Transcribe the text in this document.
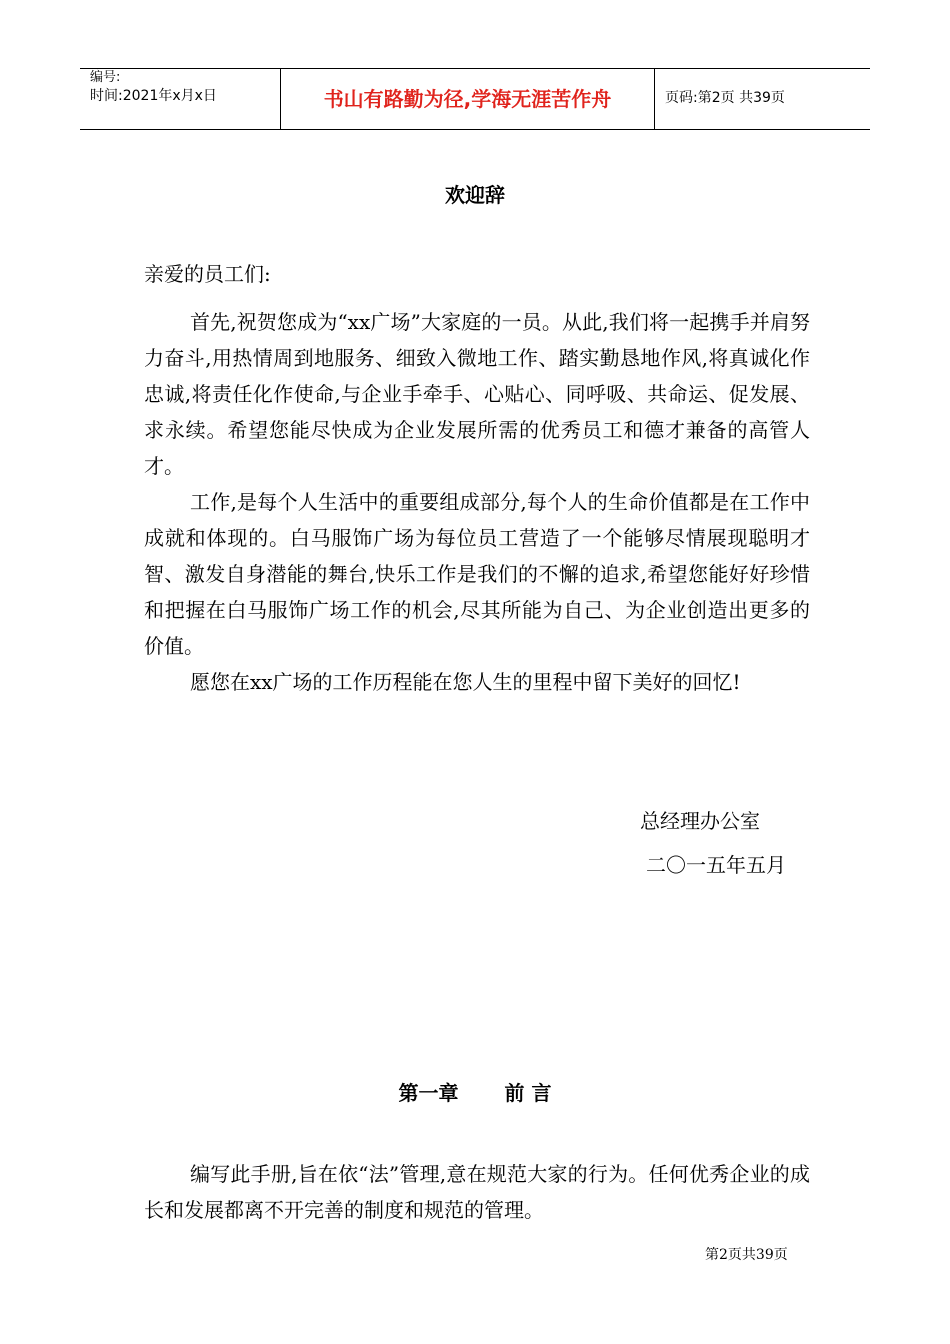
编号:
时间:2021年x月x日	书山有路勤为径,学海无涯苦作舟	页码:第2页 共39页
欢迎辞
亲爱的员工们:
首先,祝贺您成为“xx广场”大家庭的一员。从此,我们将一起携手并肩努力奋斗,用热情周到地服务、细致入微地工作、踏实勤恳地作风,将真诚化作忠诚,将责任化作使命,与企业手牵手、心贴心、同呼吸、共命运、促发展、求永续。希望您能尽快成为企业发展所需的优秀员工和德才兼备的高管人才。
工作,是每个人生活中的重要组成部分,每个人的生命价值都是在工作中成就和体现的。白马服饰广场为每位员工营造了一个能够尽情展现聪明才智、激发自身潜能的舞台,快乐工作是我们的不懈的追求,希望您能好好珍惜和把握在白马服饰广场工作的机会,尽其所能为自己、为企业创造出更多的价值。
愿您在xx广场的工作历程能在您人生的里程中留下美好的回忆!
总经理办公室
二〇一五年五月
第一章 前 言
编写此手册,旨在依“法”管理,意在规范大家的行为。任何优秀企业的成长和发展都离不开完善的制度和规范的管理。
第2页共39页
